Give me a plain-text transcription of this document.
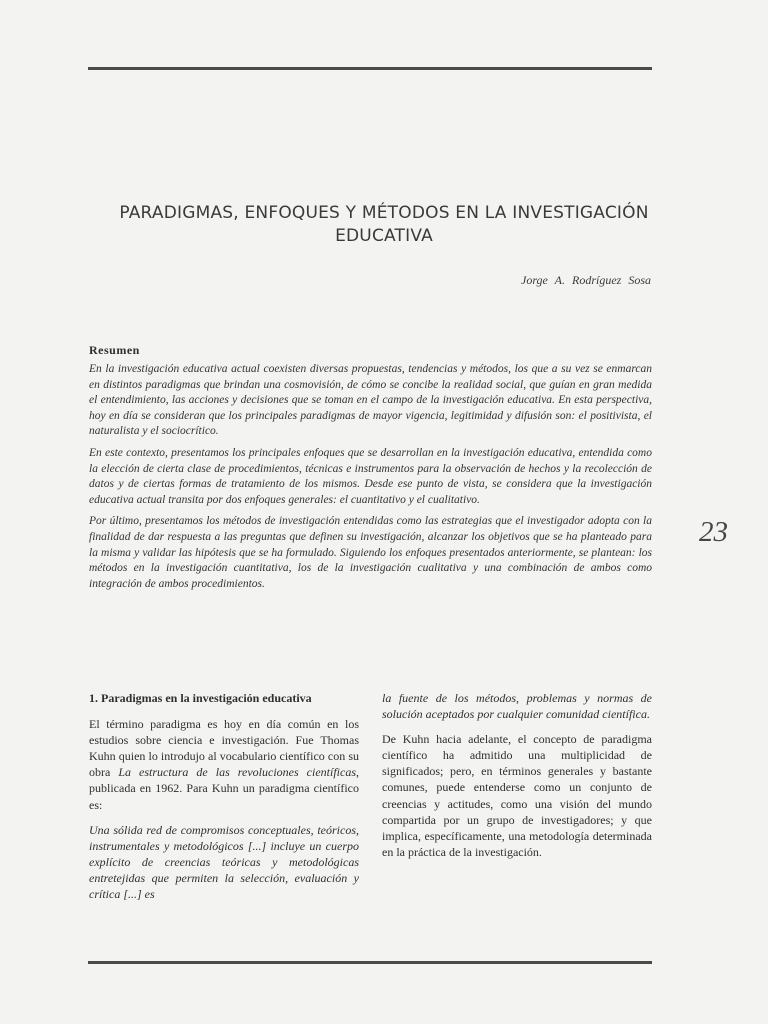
PARADIGMAS, ENFOQUES Y MÉTODOS EN LA INVESTIGACIÓN EDUCATIVA
Jorge A. Rodríguez Sosa
Resumen

En la investigación educativa actual coexisten diversas propuestas, tendencias y métodos, los que a su vez se enmarcan en distintos paradigmas que brindan una cosmovisión, de cómo se concibe la realidad social, que guían en gran medida el entendimiento, las acciones y decisiones que se toman en el campo de la investigación educativa. En esta perspectiva, hoy en día se consideran que los principales paradigmas de mayor vigencia, legitimidad y difusión son: el positivista, el naturalista y el sociocrítico.

En este contexto, presentamos los principales enfoques que se desarrollan en la investigación educativa, entendida como la elección de cierta clase de procedimientos, técnicas e instrumentos para la observación de hechos y la recolección de datos y de ciertas formas de tratamiento de los mismos. Desde ese punto de vista, se considera que la investigación educativa actual transita por dos enfoques generales: el cuantitativo y el cualitativo.

Por último, presentamos los métodos de investigación entendidas como las estrategias que el investigador adopta con la finalidad de dar respuesta a las preguntas que definen su investigación, alcanzar los objetivos que se ha planteado para la misma y validar las hipótesis que se ha formulado. Siguiendo los enfoques presentados anteriormente, se plantean: los métodos en la investigación cuantitativa, los de la investigación cualitativa y una combinación de ambos como integración de ambos procedimientos.

23
1. Paradigmas en la investigación educativa

El término paradigma es hoy en día común en los estudios sobre ciencia e investigación. Fue Thomas Kuhn quien lo introdujo al vocabulario científico con su obra La estructura de las revoluciones científicas, publicada en 1962. Para Kuhn un paradigma científico es:

Una sólida red de compromisos conceptuales, teóricos, instrumentales y metodológicos [...] incluye un cuerpo explícito de creencias teóricas y metodológicas entretejidas que permiten la selección, evaluación y crítica [...] es

la fuente de los métodos, problemas y normas de solución aceptados por cualquier comunidad científica.

De Kuhn hacia adelante, el concepto de paradigma científico ha admitido una multiplicidad de significados; pero, en términos generales y bastante comunes, puede entenderse como un conjunto de creencias y actitudes, como una visión del mundo compartida por un grupo de investigadores; y que implica, específicamente, una metodología determinada en la práctica de la investigación.
